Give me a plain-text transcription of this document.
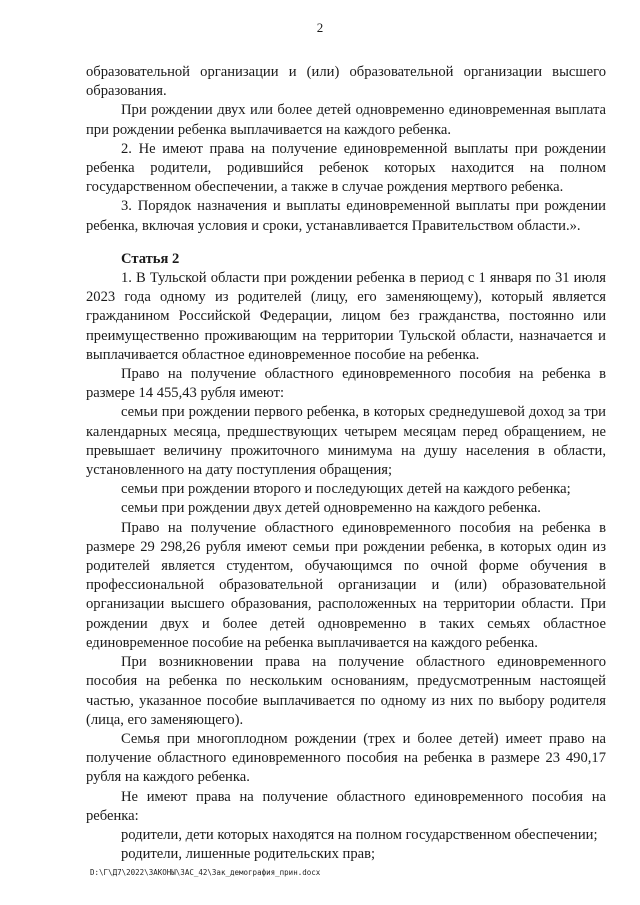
2

образовательной организации и (или) образовательной организации высшего образования.

При рождении двух или более детей одновременно единовременная выплата при рождении ребенка выплачивается на каждого ребенка.

2. Не имеют права на получение единовременной выплаты при рождении ребенка родители, родившийся ребенок которых находится на полном государственном обеспечении, а также в случае рождения мертвого ребенка.

3. Порядок назначения и выплаты единовременной выплаты при рождении ребенка, включая условия и сроки, устанавливается Правительством области.».

Статья 2

1. В Тульской области при рождении ребенка в период с 1 января по 31 июля 2023 года одному из родителей (лицу, его заменяющему), который является гражданином Российской Федерации, лицом без гражданства, постоянно или преимущественно проживающим на территории Тульской области, назначается и выплачивается областное единовременное пособие на ребенка.

Право на получение областного единовременного пособия на ребенка в размере 14 455,43 рубля имеют:

семьи при рождении первого ребенка, в которых среднедушевой доход за три календарных месяца, предшествующих четырем месяцам перед обращением, не превышает величину прожиточного минимума на душу населения в области, установленного на дату поступления обращения;

семьи при рождении второго и последующих детей на каждого ребенка;

семьи при рождении двух детей одновременно на каждого ребенка.

Право на получение областного единовременного пособия на ребенка в размере 29 298,26 рубля имеют семьи при рождении ребенка, в которых один из родителей является студентом, обучающимся по очной форме обучения в профессиональной образовательной организации и (или) образовательной организации высшего образования, расположенных на территории области. При рождении двух и более детей одновременно в таких семьях областное единовременное пособие на ребенка выплачивается на каждого ребенка.

При возникновении права на получение областного единовременного пособия на ребенка по нескольким основаниям, предусмотренным настоящей частью, указанное пособие выплачивается по одному из них по выбору родителя (лица, его заменяющего).

Семья при многоплодном рождении (трех и более детей) имеет право на получение областного единовременного пособия на ребенка в размере 23 490,17 рубля на каждого ребенка.

Не имеют права на получение областного единовременного пособия на ребенка:

родители, дети которых находятся на полном государственном обеспечении;

родители, лишенные родительских прав;

D:\Г\Д7\2022\ЗАКОНЫ\ЗАС_42\Зак_демография_прин.docx
